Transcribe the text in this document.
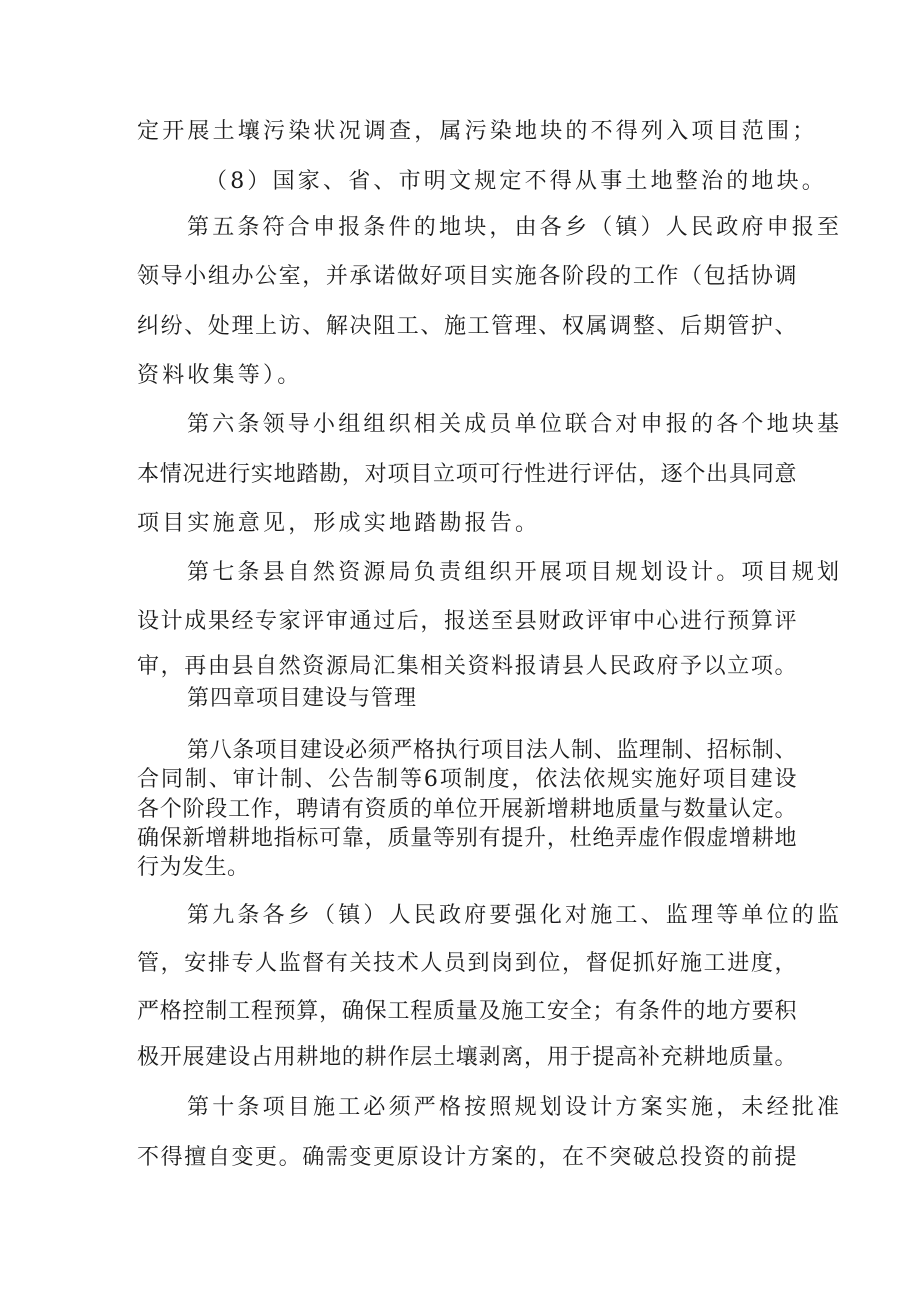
定开展土壤污染状况调查，属污染地块的不得列入项目范围；
（8）国家、省、市明文规定不得从事土地整治的地块。
第五条符合申报条件的地块，由各乡（镇）人民政府申报至
领导小组办公室，并承诺做好项目实施各阶段的工作（包括协调
纠纷、处理上访、解决阻工、施工管理、权属调整、后期管护、
资料收集等）。
第六条领导小组组织相关成员单位联合对申报的各个地块基
本情况进行实地踏勘，对项目立项可行性进行评估，逐个出具同意
项目实施意见，形成实地踏勘报告。
第七条县自然资源局负责组织开展项目规划设计。项目规划
设计成果经专家评审通过后，报送至县财政评审中心进行预算评
审，再由县自然资源局汇集相关资料报请县人民政府予以立项。
第四章项目建设与管理
第八条项目建设必须严格执行项目法人制、监理制、招标制、
合同制、审计制、公告制等6项制度，依法依规实施好项目建设
各个阶段工作，聘请有资质的单位开展新增耕地质量与数量认定。
确保新增耕地指标可靠，质量等别有提升，杜绝弄虚作假虚增耕地
行为发生。
第九条各乡（镇）人民政府要强化对施工、监理等单位的监
管，安排专人监督有关技术人员到岗到位，督促抓好施工进度，
严格控制工程预算，确保工程质量及施工安全；有条件的地方要积
极开展建设占用耕地的耕作层土壤剥离，用于提高补充耕地质量。
第十条项目施工必须严格按照规划设计方案实施，未经批准
不得擅自变更。确需变更原设计方案的，在不突破总投资的前提
